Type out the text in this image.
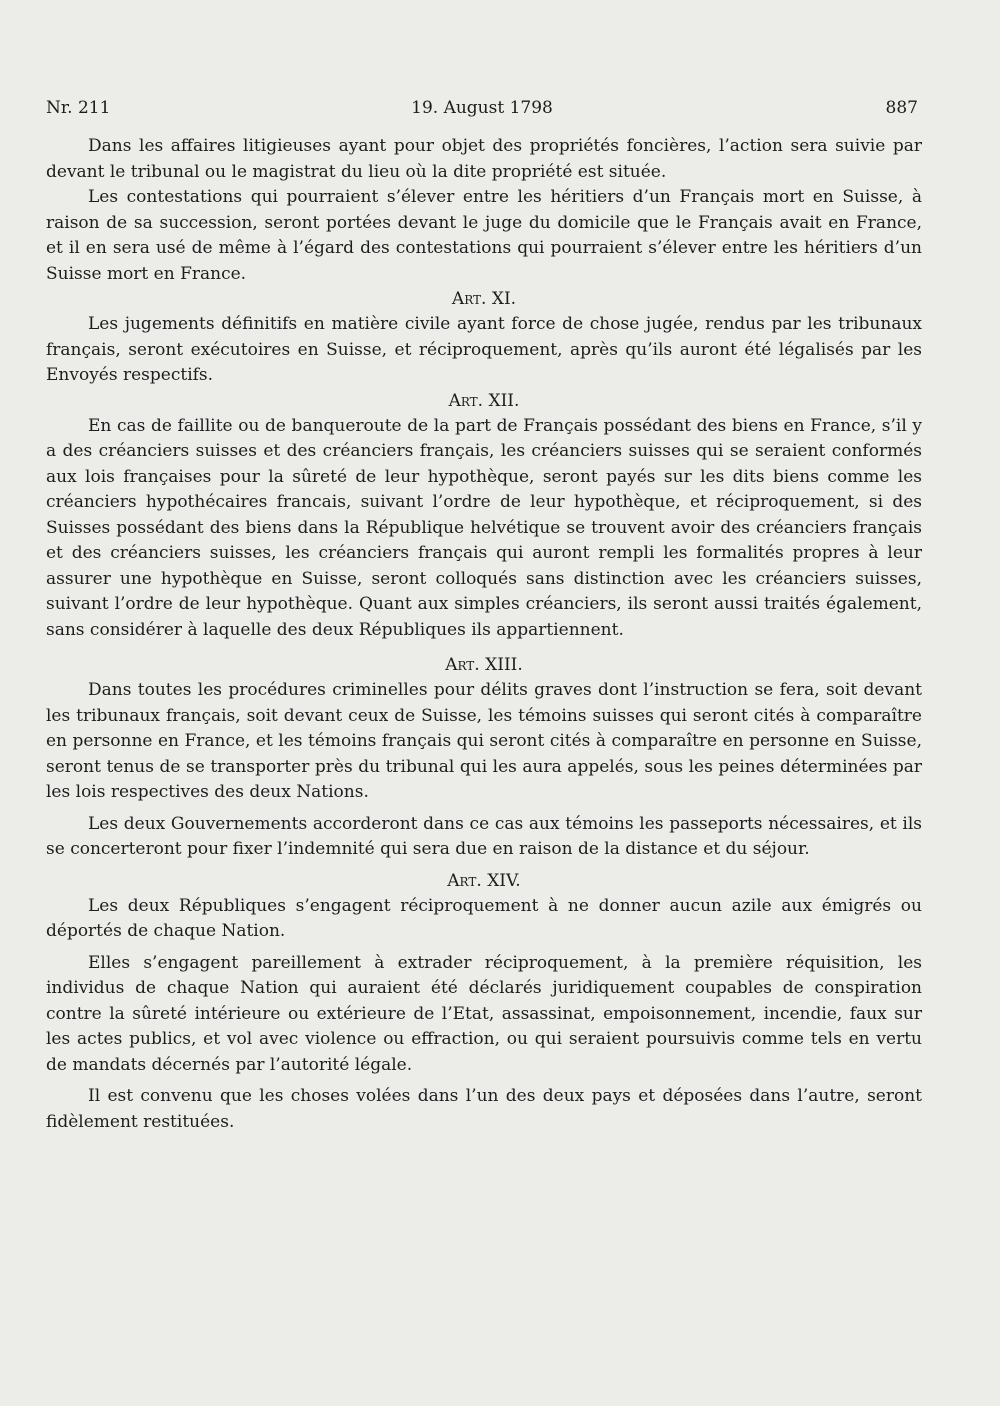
Nr. 211	19. August 1798	887

Dans les affaires litigieuses ayant pour objet des propriétés foncières, l’action sera suivie par devant le tribunal ou le magistrat du lieu où la dite propriété est située.

Les contestations qui pourraient s’élever entre les héritiers d’un Français mort en Suisse, à raison de sa succession, seront portées devant le juge du domicile que le Français avait en France, et il en sera usé de même à l’égard des contestations qui pourraient s’élever entre les héritiers d’un Suisse mort en France.

Art. XI.

Les jugements définitifs en matière civile ayant force de chose jugée, rendus par les tribunaux français, seront exécutoires en Suisse, et réciproquement, après qu’ils auront été légalisés par les Envoyés respectifs.

Art. XII.

En cas de faillite ou de banqueroute de la part de Français possédant des biens en France, s’il y a des créanciers suisses et des créanciers français, les créanciers suisses qui se seraient conformés aux lois françaises pour la sûreté de leur hypothèque, seront payés sur les dits biens comme les créanciers hypothécaires francais, suivant l’ordre de leur hypothèque, et réciproquement, si des Suisses possédant des biens dans la République helvétique se trouvent avoir des créanciers français et des créanciers suisses, les créanciers français qui auront rempli les formalités propres à leur assurer une hypothèque en Suisse, seront colloqués sans distinction avec les créanciers suisses, suivant l’ordre de leur hypothèque. Quant aux simples créanciers, ils seront aussi traités également, sans considérer à laquelle des deux Républiques ils appartiennent.

Art. XIII.

Dans toutes les procédures criminelles pour délits graves dont l’instruction se fera, soit devant les tribunaux français, soit devant ceux de Suisse, les témoins suisses qui seront cités à comparaître en personne en France, et les témoins français qui seront cités à comparaître en personne en Suisse, seront tenus de se transporter près du tribunal qui les aura appelés, sous les peines déterminées par les lois respectives des deux Nations.

Les deux Gouvernements accorderont dans ce cas aux témoins les passeports nécessaires, et ils se concerteront pour fixer l’indemnité qui sera due en raison de la distance et du séjour.

Art. XIV.

Les deux Républiques s’engagent réciproquement à ne donner aucun azile aux émigrés ou déportés de chaque Nation.

Elles s’engagent pareillement à extrader réciproquement, à la première réquisition, les individus de chaque Nation qui auraient été déclarés juridiquement coupables de conspiration contre la sûreté intérieure ou extérieure de l’Etat, assassinat, empoisonnement, incendie, faux sur les actes publics, et vol avec violence ou effraction, ou qui seraient poursuivis comme tels en vertu de mandats décernés par l’autorité légale.

Il est convenu que les choses volées dans l’un des deux pays et déposées dans l’autre, seront fidèlement restituées.
